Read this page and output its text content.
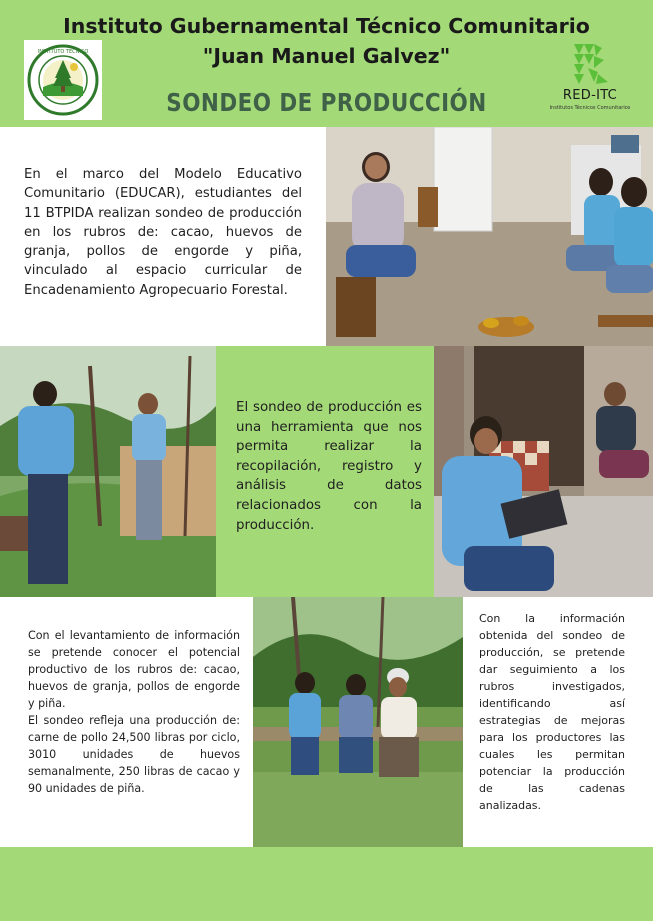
Instituto Gubernamental Técnico Comunitario
"Juan Manuel Galvez"
SONDEO DE PRODUCCIÓN
INSTITUTO TECNICO
RED-ITC
Institutos Técnicos Comunitarios
En el marco del Modelo Educativo Comunitario (EDUCAR), estudiantes del 11 BTPIDA realizan sondeo de producción en los rubros de: cacao, huevos de granja, pollos de engorde y piña, vinculado al espacio curricular de Encadenamiento Agropecuario Forestal.
El sondeo de producción es una herramienta que nos permita realizar la recopilación, registro y análisis de datos relacionados con la producción.
Con el levantamiento de información se pretende conocer el potencial productivo de los rubros de: cacao, huevos de granja, pollos de engorde y piña.
El sondeo refleja una producción de: carne de pollo 24,500 libras por ciclo, 3010 unidades de huevos semanalmente, 250 libras de cacao y 90 unidades de piña.
Con la información obtenida del sondeo de producción, se pretende dar seguimiento a los rubros investigados, identificando así estrategias de mejoras para los productores las cuales les permitan potenciar la producción de las cadenas analizadas.
